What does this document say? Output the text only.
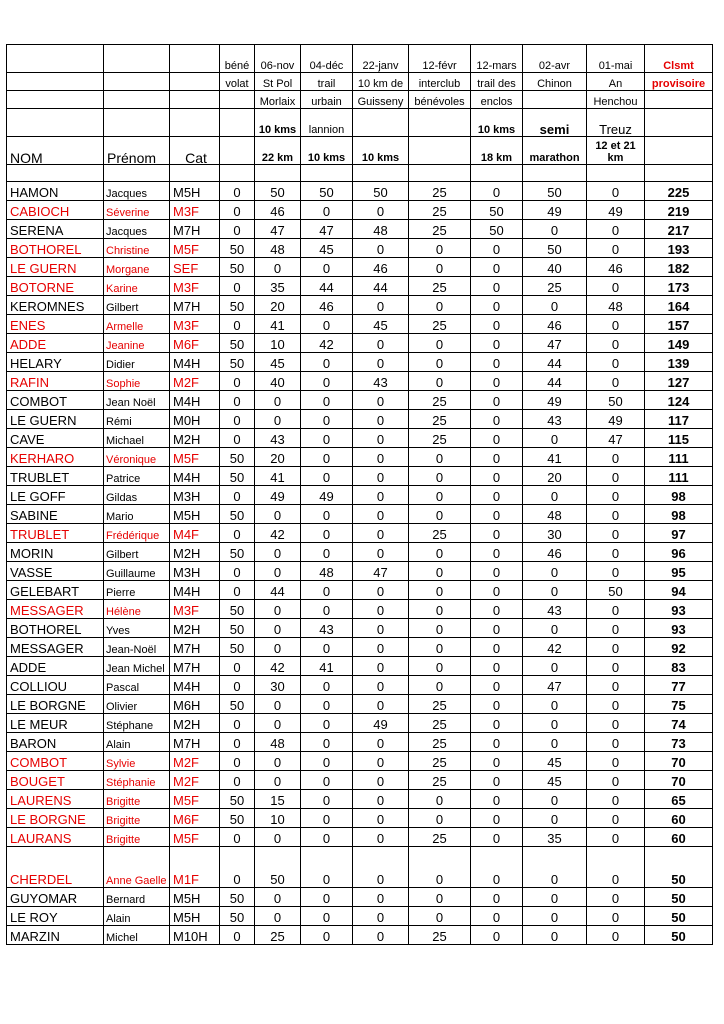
			béné	06-nov	04-déc	22-janv	12-févr	12-mars	02-avr	01-mai	Clsmt
			volat	St Pol	trail	10 km de	interclub	trail des	Chinon	An	provisoire
				Morlaix	urbain	Guisseny	bénévoles	enclos		Henchou	
				10 kms	lannion			10 kms	semi	Treuz	
NOM	Prénom	Cat		22 km	10 kms	10 kms		18 km	marathon	12 et 21 km	

HAMON	Jacques	M5H	0	50	50	50	25	0	50	0	225
CABIOCH	Séverine	M3F	0	46	0	0	25	50	49	49	219
SERENA	Jacques	M7H	0	47	47	48	25	50	0	0	217
BOTHOREL	Christine	M5F	50	48	45	0	0	0	50	0	193
LE GUERN	Morgane	SEF	50	0	0	46	0	0	40	46	182
BOTORNE	Karine	M3F	0	35	44	44	25	0	25	0	173
KEROMNES	Gilbert	M7H	50	20	46	0	0	0	0	48	164
ENES	Armelle	M3F	0	41	0	45	25	0	46	0	157
ADDE	Jeanine	M6F	50	10	42	0	0	0	47	0	149
HELARY	Didier	M4H	50	45	0	0	0	0	44	0	139
RAFIN	Sophie	M2F	0	40	0	43	0	0	44	0	127
COMBOT	Jean Noël	M4H	0	0	0	0	25	0	49	50	124
LE GUERN	Rémi	M0H	0	0	0	0	25	0	43	49	117
CAVE	Michael	M2H	0	43	0	0	25	0	0	47	115
KERHARO	Véronique	M5F	50	20	0	0	0	0	41	0	111
TRUBLET	Patrice	M4H	50	41	0	0	0	0	20	0	111
LE GOFF	Gildas	M3H	0	49	49	0	0	0	0	0	98
SABINE	Mario	M5H	50	0	0	0	0	0	48	0	98
TRUBLET	Frédérique	M4F	0	42	0	0	25	0	30	0	97
MORIN	Gilbert	M2H	50	0	0	0	0	0	46	0	96
VASSE	Guillaume	M3H	0	0	48	47	0	0	0	0	95
GELEBART	Pierre	M4H	0	44	0	0	0	0	0	50	94
MESSAGER	Hélène	M3F	50	0	0	0	0	0	43	0	93
BOTHOREL	Yves	M2H	50	0	43	0	0	0	0	0	93
MESSAGER	Jean-Noël	M7H	50	0	0	0	0	0	42	0	92
ADDE	Jean Michel	M7H	0	42	41	0	0	0	0	0	83
COLLIOU	Pascal	M4H	0	30	0	0	0	0	47	0	77
LE BORGNE	Olivier	M6H	50	0	0	0	25	0	0	0	75
LE MEUR	Stéphane	M2H	0	0	0	49	25	0	0	0	74
BARON	Alain	M7H	0	48	0	0	25	0	0	0	73
COMBOT	Sylvie	M2F	0	0	0	0	25	0	45	0	70
BOUGET	Stéphanie	M2F	0	0	0	0	25	0	45	0	70
LAURENS	Brigitte	M5F	50	15	0	0	0	0	0	0	65
LE BORGNE	Brigitte	M6F	50	10	0	0	0	0	0	0	60
LAURANS	Brigitte	M5F	0	0	0	0	25	0	35	0	60
CHERDEL	Anne Gaelle	M1F	0	50	0	0	0	0	0	0	50
GUYOMAR	Bernard	M5H	50	0	0	0	0	0	0	0	50
LE ROY	Alain	M5H	50	0	0	0	0	0	0	0	50
MARZIN	Michel	M10H	0	25	0	0	25	0	0	0	50
